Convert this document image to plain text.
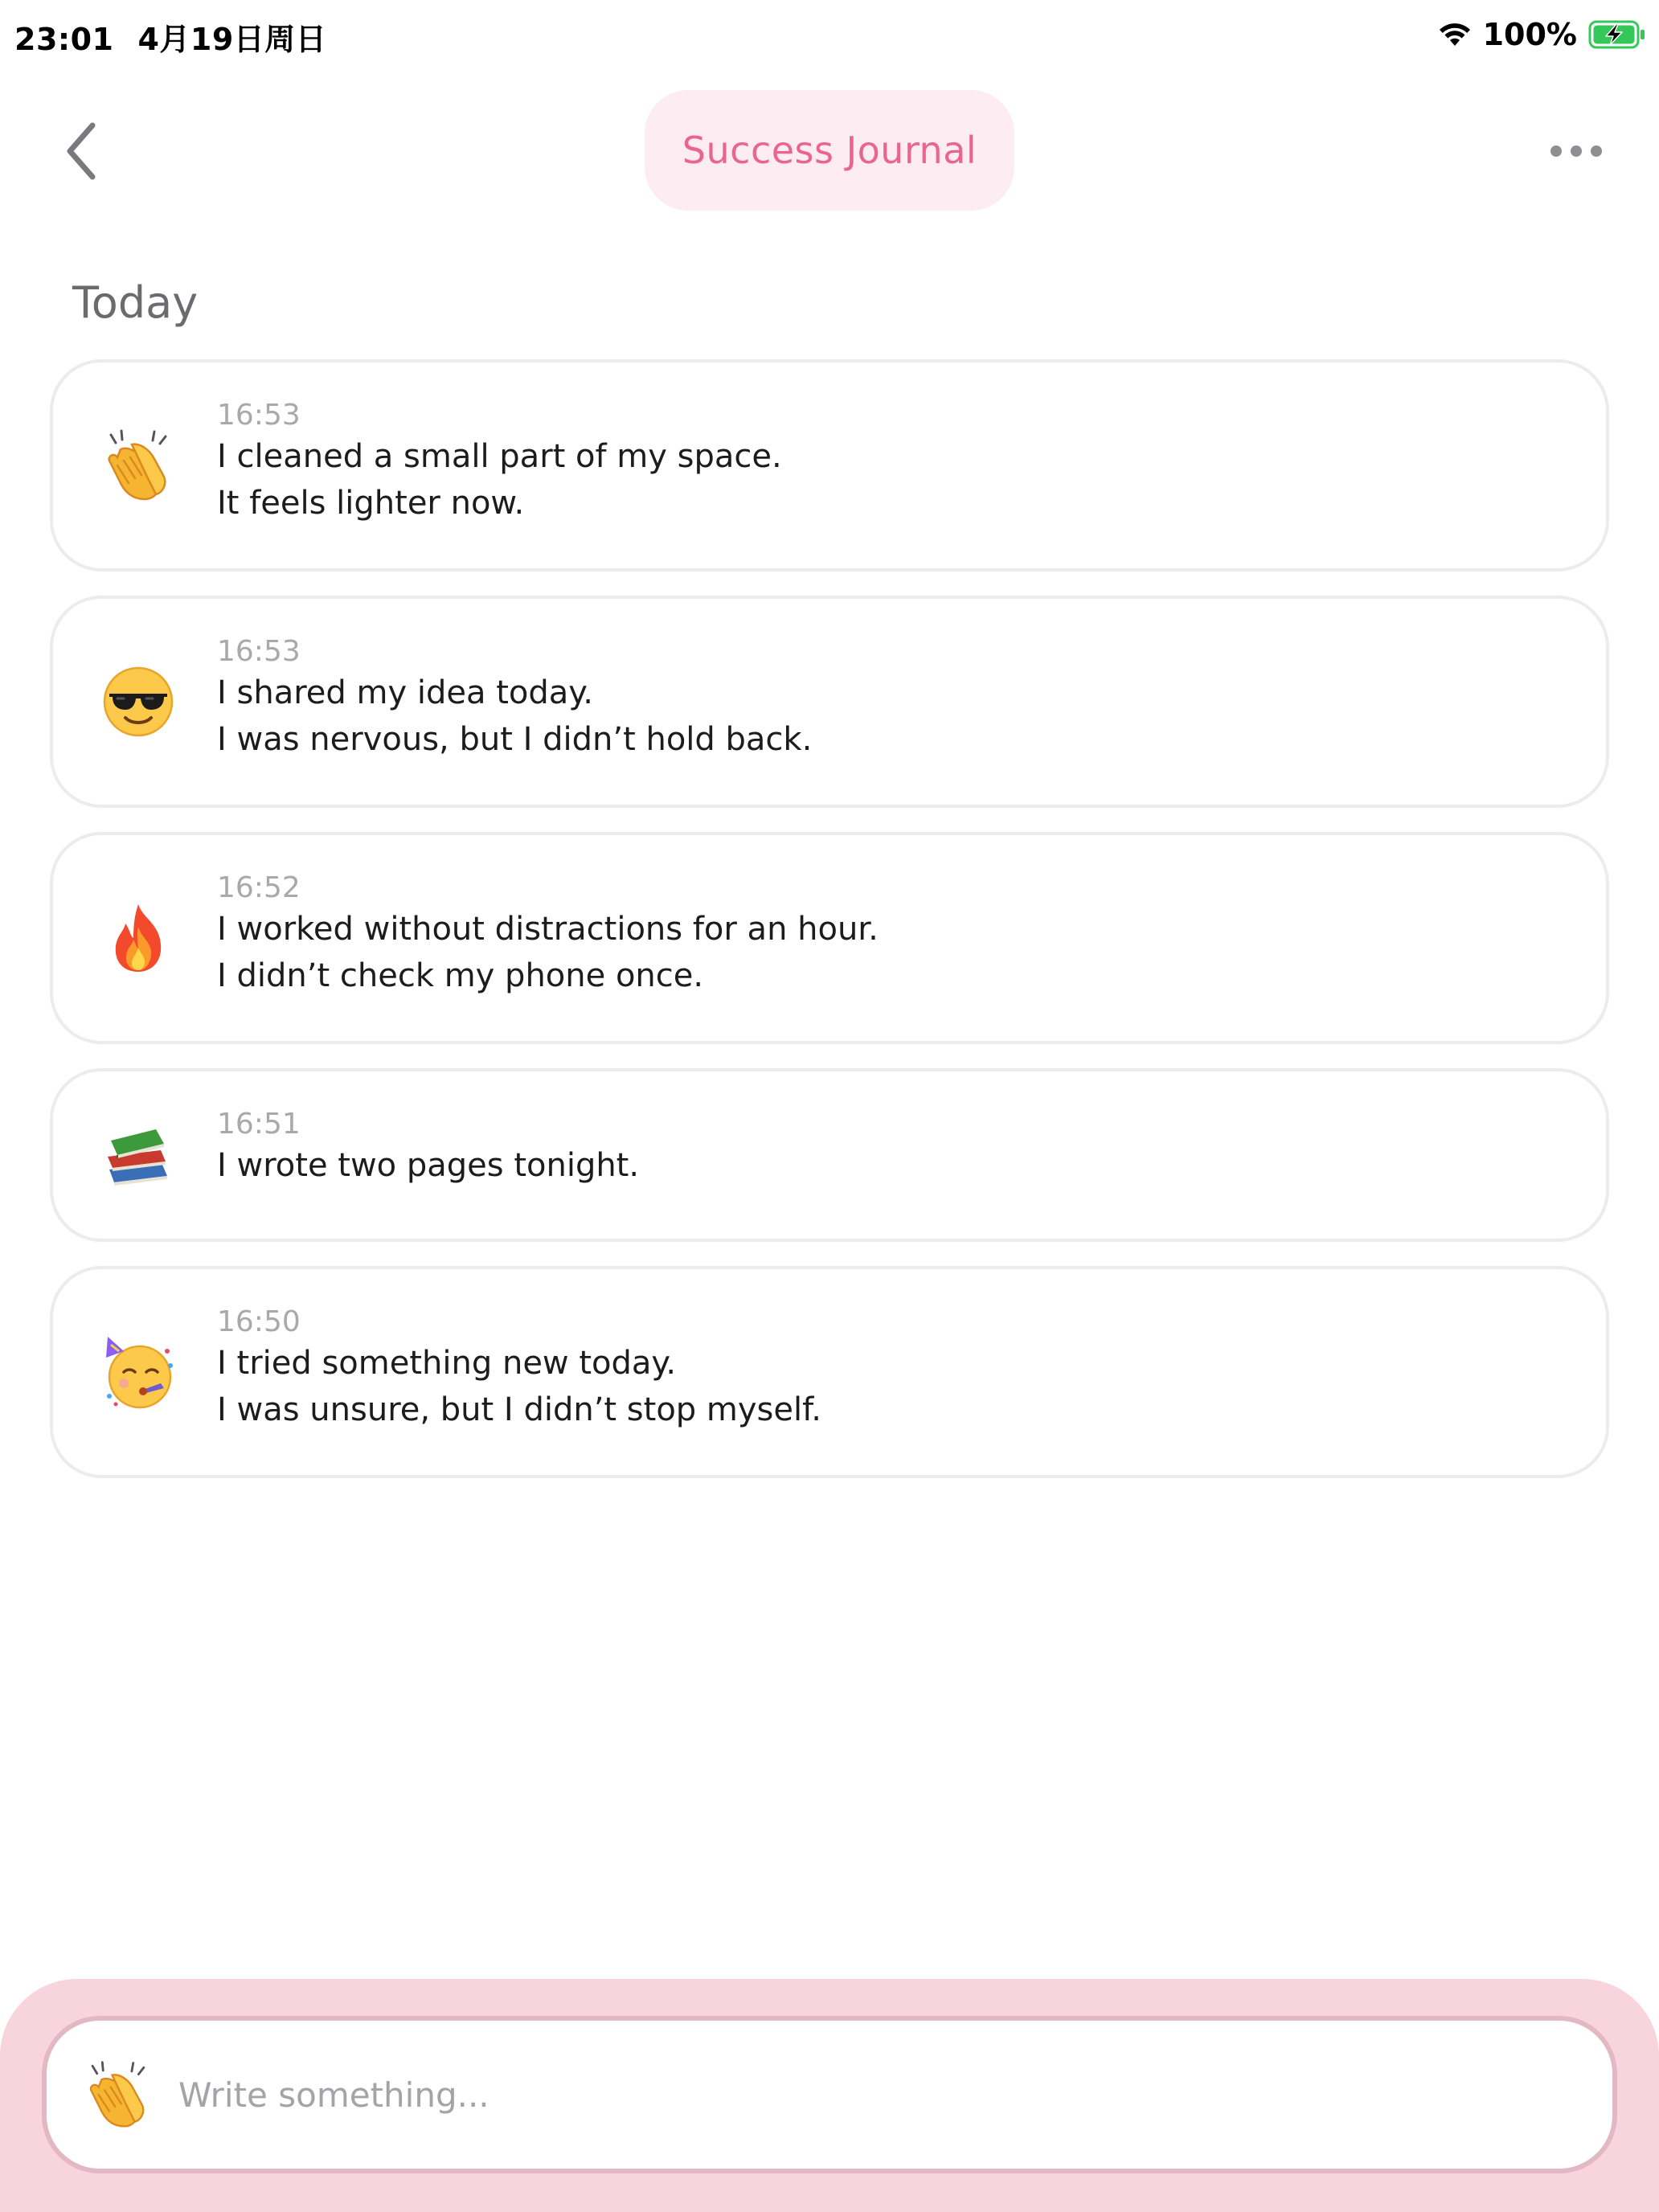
23:01 4月19日周日	100%
Success Journal
Today
16:53
I cleaned a small part of my space.
It feels lighter now.
16:53
I shared my idea today.
I was nervous, but I didn’t hold back.
16:52
I worked without distractions for an hour.
I didn’t check my phone once.
16:51
I wrote two pages tonight.
16:50
I tried something new today.
I was unsure, but I didn’t stop myself.
Write something...
